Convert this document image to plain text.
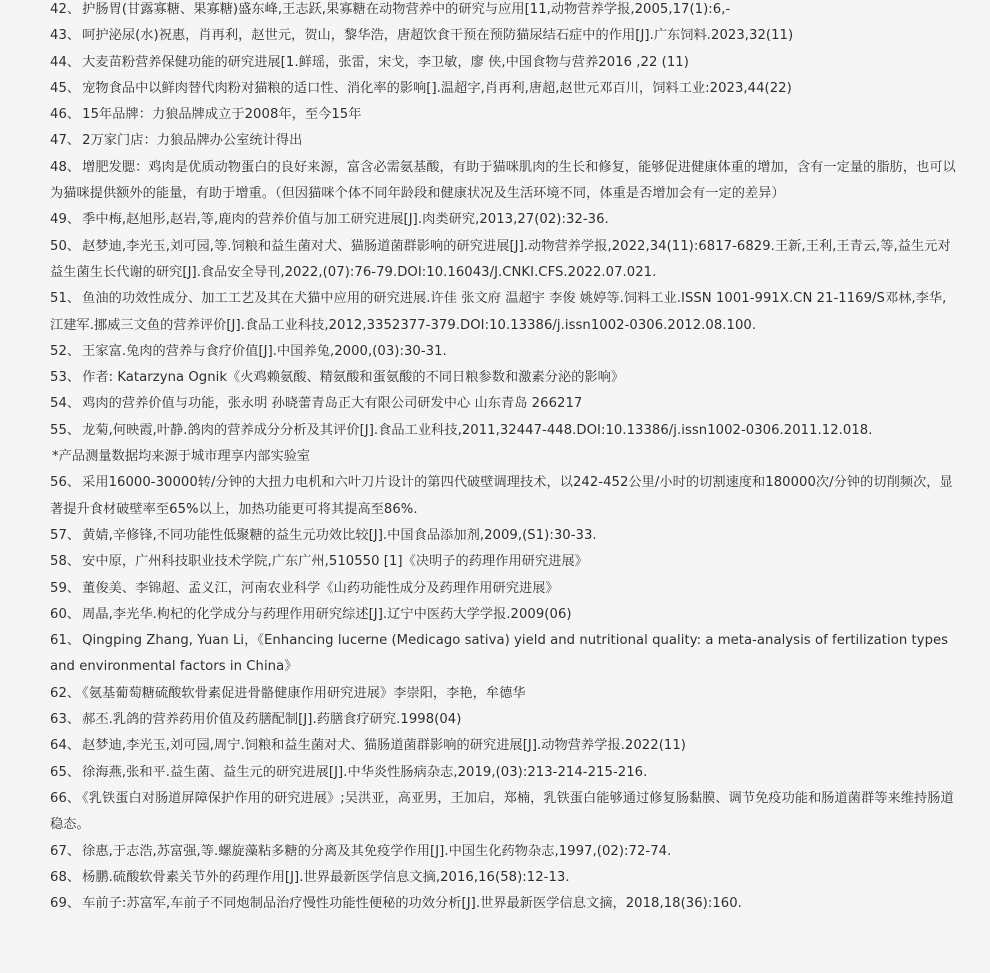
42、 护肠胃(甘露寡糖、果寡糖)盛东峰,王志跃,果寡糖在动物营养中的研究与应用[11,动物营养学报,2005,17(1):6,-
43、 呵护泌尿(水)祝惠，肖再利，赵世元，贺山，黎华浩，唐超饮食干预在预防猫尿结石症中的作用[J].广东饲料.2023,32(11)
44、 大麦苗粉营养保健功能的研究进展[1.鲜瑶，张雷，宋戈，李卫敏，廖 侠,中国食物与营养2016 ,22 (11)
45、 宠物食品中以鲜肉替代肉粉对猫粮的适口性、消化率的影响[].温超字,肖再利,唐超,赵世元邓百川，饲料工业:2023,44(22)
46、 15年品牌：力狼品牌成立于2008年，至今15年
47、 2万家门店：力狼品牌办公室统计得出
48、 增肥发腮：鸡肉是优质动物蛋白的良好来源，富含必需氨基酸，有助于猫咪肌肉的生长和修复，能够促进健康体重的增加，含有一定量的脂肪，也可以为猫咪提供额外的能量，有助于增重。（但因猫咪个体不同年龄段和健康状况及生活环境不同，体重是否增加会有一定的差异）
49、 季中梅,赵旭彤,赵岩,等,鹿肉的营养价值与加工研究进展[J].肉类研究,2013,27(02):32-36.
50、 赵梦迪,李光玉,刘可园,等.饲粮和益生菌对犬、猫肠道菌群影响的研究进展[J].动物营养学报,2022,34(11):6817-6829.王新,王利,王青云,等,益生元对益生菌生长代谢的研究[J].食品安全导刊,2022,(07):76-79.DOI:10.16043/J.CNKI.CFS.2022.07.021.
51、 鱼油的功效性成分、加工工艺及其在犬猫中应用的研究进展.许佳 张文府 温超宇 李俊 姚婷等.饲料工业.ISSN 1001-991X.CN 21-1169/S邓林,李华,江建军.挪威三文鱼的营养评价[J].食品工业科技,2012,3352377-379.DOI:10.13386/j.issn1002-0306.2012.08.100.
52、 王家富.兔肉的营养与食疗价值[J].中国养兔,2000,(03):30-31.
53、 作者: Katarzyna Ognik《火鸡赖氨酸、精氨酸和蛋氨酸的不同日粮参数和激素分泌的影响》
54、 鸡肉的营养价值与功能，张永明 孙晓蕾青岛正大有限公司研发中心 山东青岛 266217
55、 龙菊,何映霞,叶静.鸽肉的营养成分分析及其评价[J].食品工业科技,2011,32447-448.DOI:10.13386/j.issn1002-0306.2011.12.018.
*产品测量数据均来源于城市理享内部实验室
56、 采用16000-30000转/分钟的大扭力电机和六叶刀片设计的第四代破壁调理技术，以242-452公里/小时的切割速度和180000次/分钟的切削频次，显著提升食材破壁率至65%以上，加热功能更可将其提高至86%.
57、 黄婧,辛修锋,不同功能性低聚糖的益生元功效比较[J].中国食品添加剂,2009,(S1):30-33.
58、 安中原，广州科技职业技术学院,广东广州,510550 [1]《决明子的药理作用研究进展》
59、 董俊美、李锦超、孟义江，河南农业科学《山药功能性成分及药理作用研究进展》
60、 周晶,李光华.枸杞的化学成分与药理作用研究综述[J].辽宁中医药大学学报.2009(06)
61、 Qingping Zhang, Yuan Li，《Enhancing lucerne (Medicago sativa) yield and nutritional quality: a meta-analysis of fertilization types and environmental factors in China》
62、 《氨基葡萄糖硫酸软骨素促进骨骼健康作用研究进展》李崇阳，李艳，牟德华
63、 郝丕.乳鸽的营养药用价值及药膳配制[J].药膳食疗研究.1998(04)
64、 赵梦迪,李光玉,刘可园,周宁.饲粮和益生菌对犬、猫肠道菌群影响的研究进展[J].动物营养学报.2022(11)
65、 徐海燕,张和平.益生菌、益生元的研究进展[J].中华炎性肠病杂志,2019,(03):213-214-215-216.
66、 《乳铁蛋白对肠道屏障保护作用的研究进展》;吴洪亚，高亚男，王加启，郑楠，乳铁蛋白能够通过修复肠黏膜、调节免疫功能和肠道菌群等来维持肠道稳态。
67、 徐惠,于志浩,苏富强,等.螺旋藻粘多糖的分离及其免疫学作用[J].中国生化药物杂志,1997,(02):72-74.
68、 杨鹏.硫酸软骨素关节外的药理作用[J].世界最新医学信息文摘,2016,16(58):12-13.
69、 车前子:苏富军,车前子不同炮制品治疗慢性功能性便秘的功效分析[J].世界最新医学信息文摘，2018,18(36):160.
